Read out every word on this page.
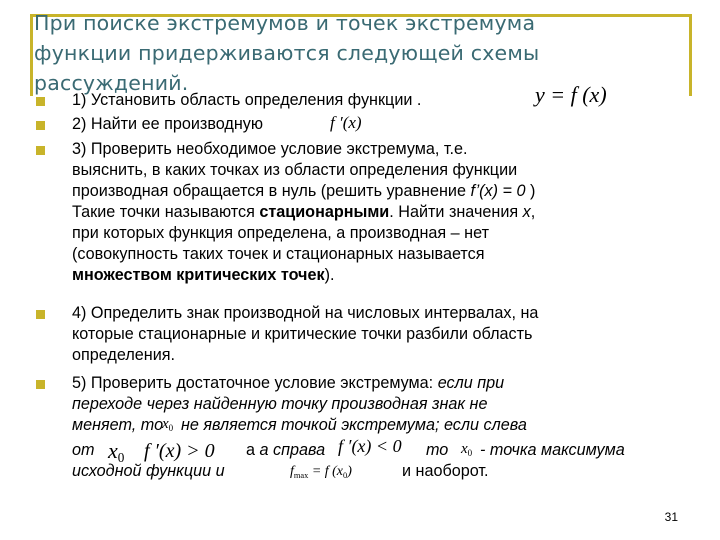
При поиске экстремумов и точек экстремума
функции придерживаются следующей схемы
рассуждений.	y = f (x)
1) Установить область определения функции .
2) Найти ее производную	f ′(x)
3) Проверить необходимое условие экстремума, т.е.
выяснить, в каких точках из области определения функции
производная обращается в нуль (решить уравнение f’(x) = 0 )
Такие точки называются стационарными. Найти значения x,
при которых функция определена, а производная – нет
(совокупность таких точек и стационарных называется
множеством критических точек).
4) Определить знак производной на числовых интервалах, на
которые стационарные и критические точки разбили область
определения.
5) Проверить достаточное условие экстремума: если при
переходе через найденную точку производная знак не
меняет, то
x0 не является точкой экстремума; если слева
от x0 f ′(x) > 0 а а справа f ′(x) < 0 то x0 - точка максимума
исходной функции и	fmax = f (x0)	и наоборот.
31
